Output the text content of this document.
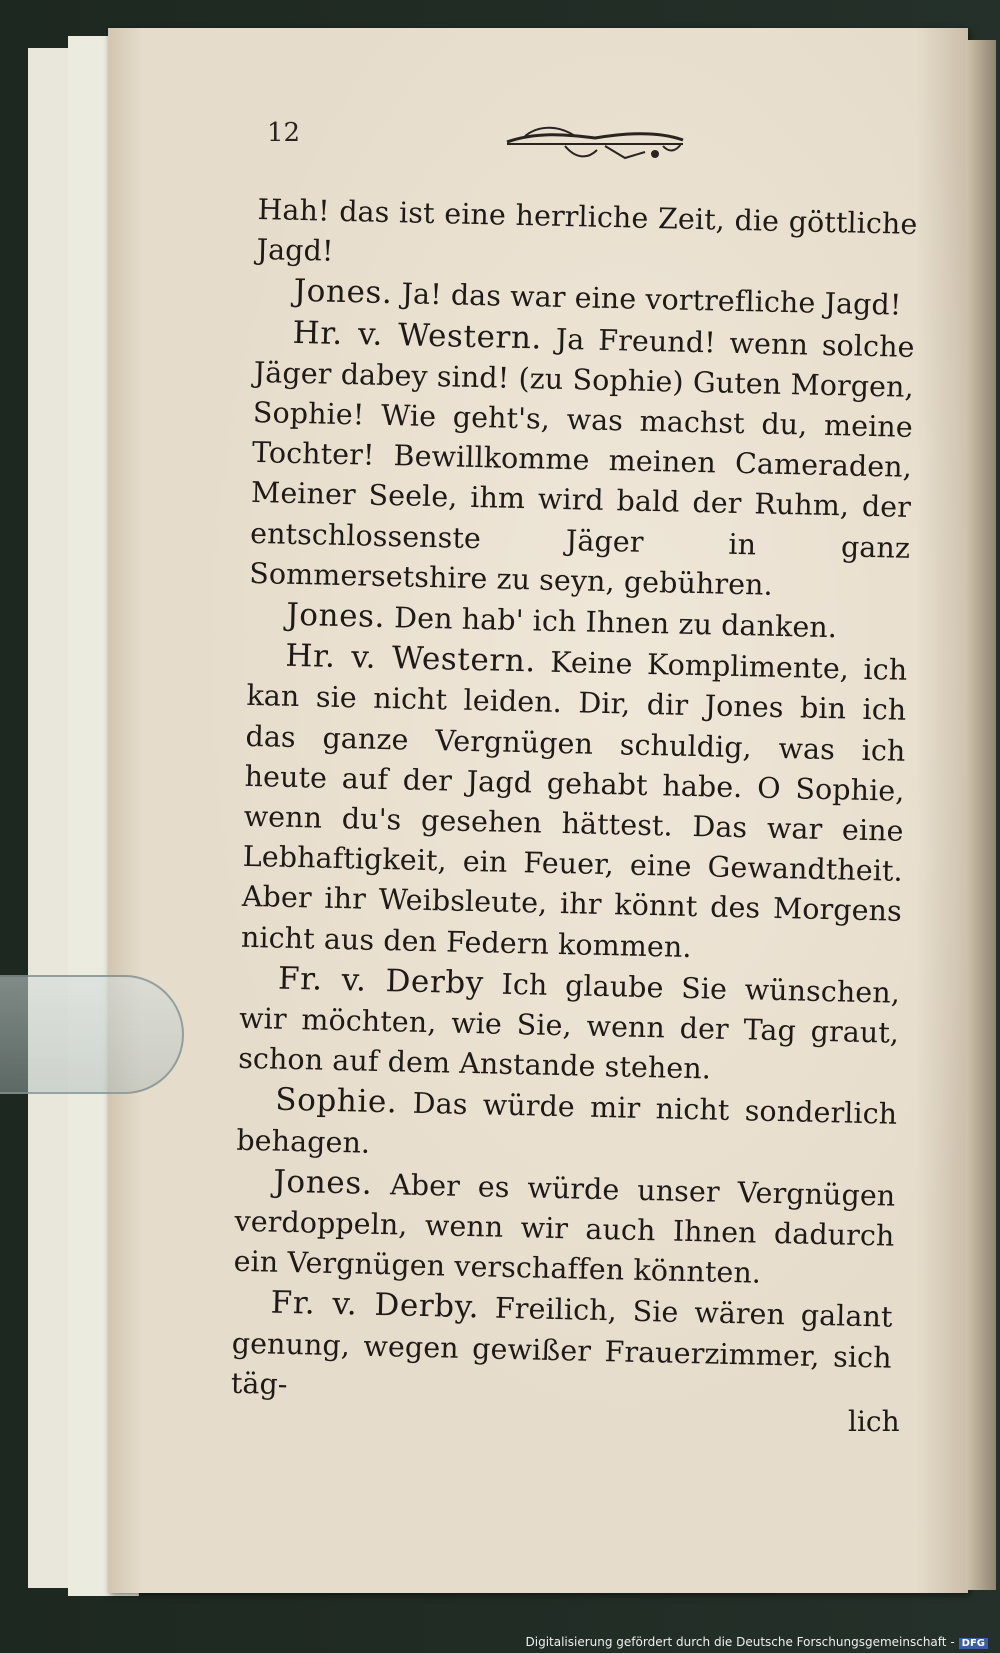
12

Hah! das ist eine herrliche Zeit, die göttliche Jagd!

Jones. Ja! das war eine vortrefliche Jagd!

Hr. v. Western. Ja Freund! wenn solche Jäger dabey sind! (zu Sophie) Guten Morgen, Sophie! Wie geht's, was machst du, meine Tochter! Bewillkomme meinen Cameraden, Meiner Seele, ihm wird bald der Ruhm, der entschlossenste Jäger in ganz Sommersetshire zu seyn, gebühren.

Jones. Den hab' ich Ihnen zu danken.

Hr. v. Western. Keine Komplimente, ich kan sie nicht leiden. Dir, dir Jones bin ich das ganze Vergnügen schuldig, was ich heute auf der Jagd gehabt habe. O Sophie, wenn du's gesehen hättest. Das war eine Lebhaftigkeit, ein Feuer, eine Gewandtheit. Aber ihr Weibsleute, ihr könnt des Morgens nicht aus den Federn kommen.

Fr. v. Derby Ich glaube Sie wünschen, wir möchten, wie Sie, wenn der Tag graut, schon auf dem Anstande stehen.

Sophie. Das würde mir nicht sonderlich behagen.

Jones. Aber es würde unser Vergnügen verdoppeln, wenn wir auch Ihnen dadurch ein Vergnügen verschaffen könnten.

Fr. v. Derby. Freilich, Sie wären galant genung, wegen gewißer Frauerzimmer, sich täg-

lich
Digitalisierung gefördert durch die Deutsche Forschungsgemeinschaft - DFG
